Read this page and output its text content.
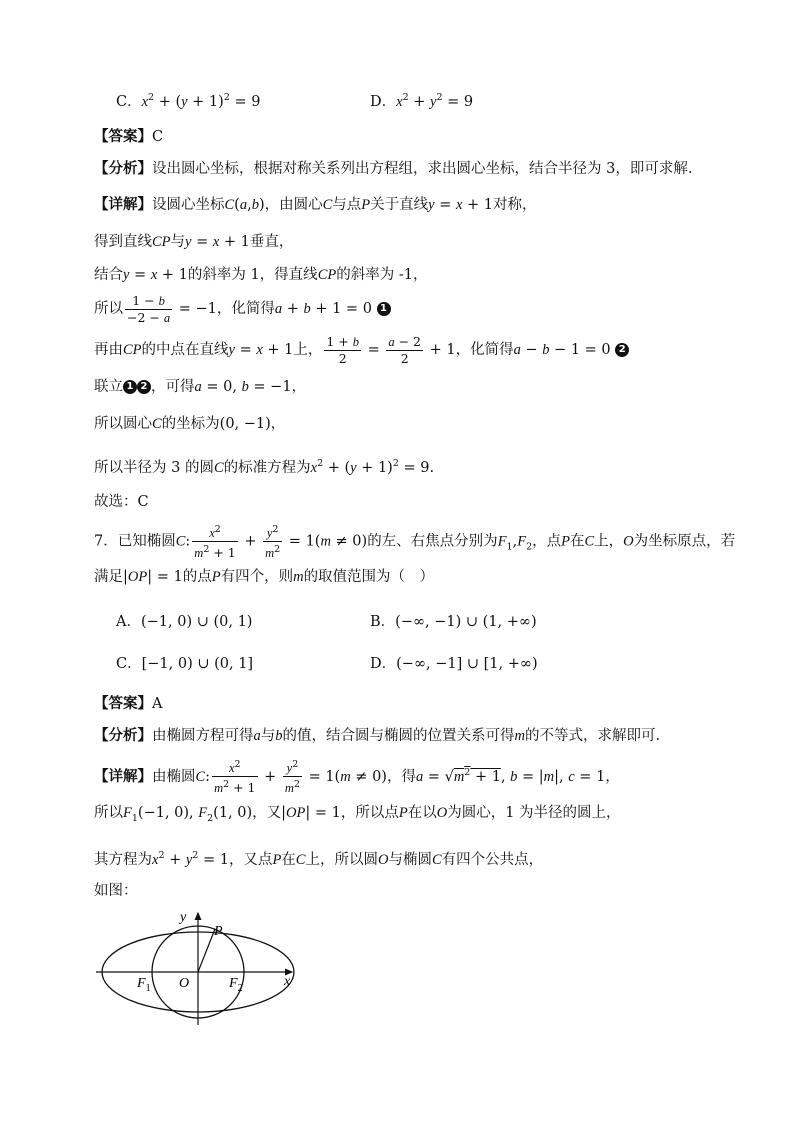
C．$x^2 + (y + 1)^2 = 9$	D．$x^2 + y^2 = 9$
【答案】C
【分析】设出圆心坐标，根据对称关系列出方程组，求出圆心坐标，结合半径为 3，即可求解.
【详解】设圆心坐标C(a,b)，由圆心C与点P关于直线y = x + 1对称，
得到直线CP与y = x + 1垂直，
结合y = x + 1的斜率为 1，得直线CP的斜率为 -1，
所以 $\frac{1 - b}{-2 - a} = -1$，化简得a + b + 1 = 0 1
再由CP的中点在直线y = x + 1上， $\frac{1 + b}{2} = \frac{a - 2}{2} + 1$，化简得a − b − 1 = 0 2
联立 1 2 ，可得a = 0, b = −1，
所以圆心C的坐标为(0, −1)，
所以半径为 3 的圆C的标准方程为$x^2 + (y + 1)^2 = 9$.
故选：C
7．已知椭圆C: $\frac{x^2}{m^2 + 1} + \frac{y^2}{m^2} = 1(m \ne 0)$的左、右焦点分别为$F_1,F_2$，点P在C上，O为坐标原点，若
满足|OP| = 1的点P有四个，则m的取值范围为（　）
A．(−1, 0) ∪ (0, 1)	B．(−∞, −1) ∪ (1, +∞)
C．[−1, 0) ∪ (0, 1]	D．(−∞, −1] ∪ [1, +∞)
【答案】A
【分析】由椭圆方程可得a与b的值，结合圆与椭圆的位置关系可得m的不等式，求解即可.
【详解】由椭圆C: $\frac{x^2}{m^2 + 1} + \frac{y^2}{m^2} = 1(m \ne 0)$，得$a = √m^2 + 1$, b = |m|, c = 1，
所以$F_1(-1$, 0), $F_2(1$, 0)，又|OP| = 1，所以点P在以O为圆心，1 为半径的圆上，
其方程为$x^2 + y^2 = 1$，又点P在C上，所以圆O与椭圆C有四个公共点，
如图：
y
x
P
O
$F_1$	$F_2$
